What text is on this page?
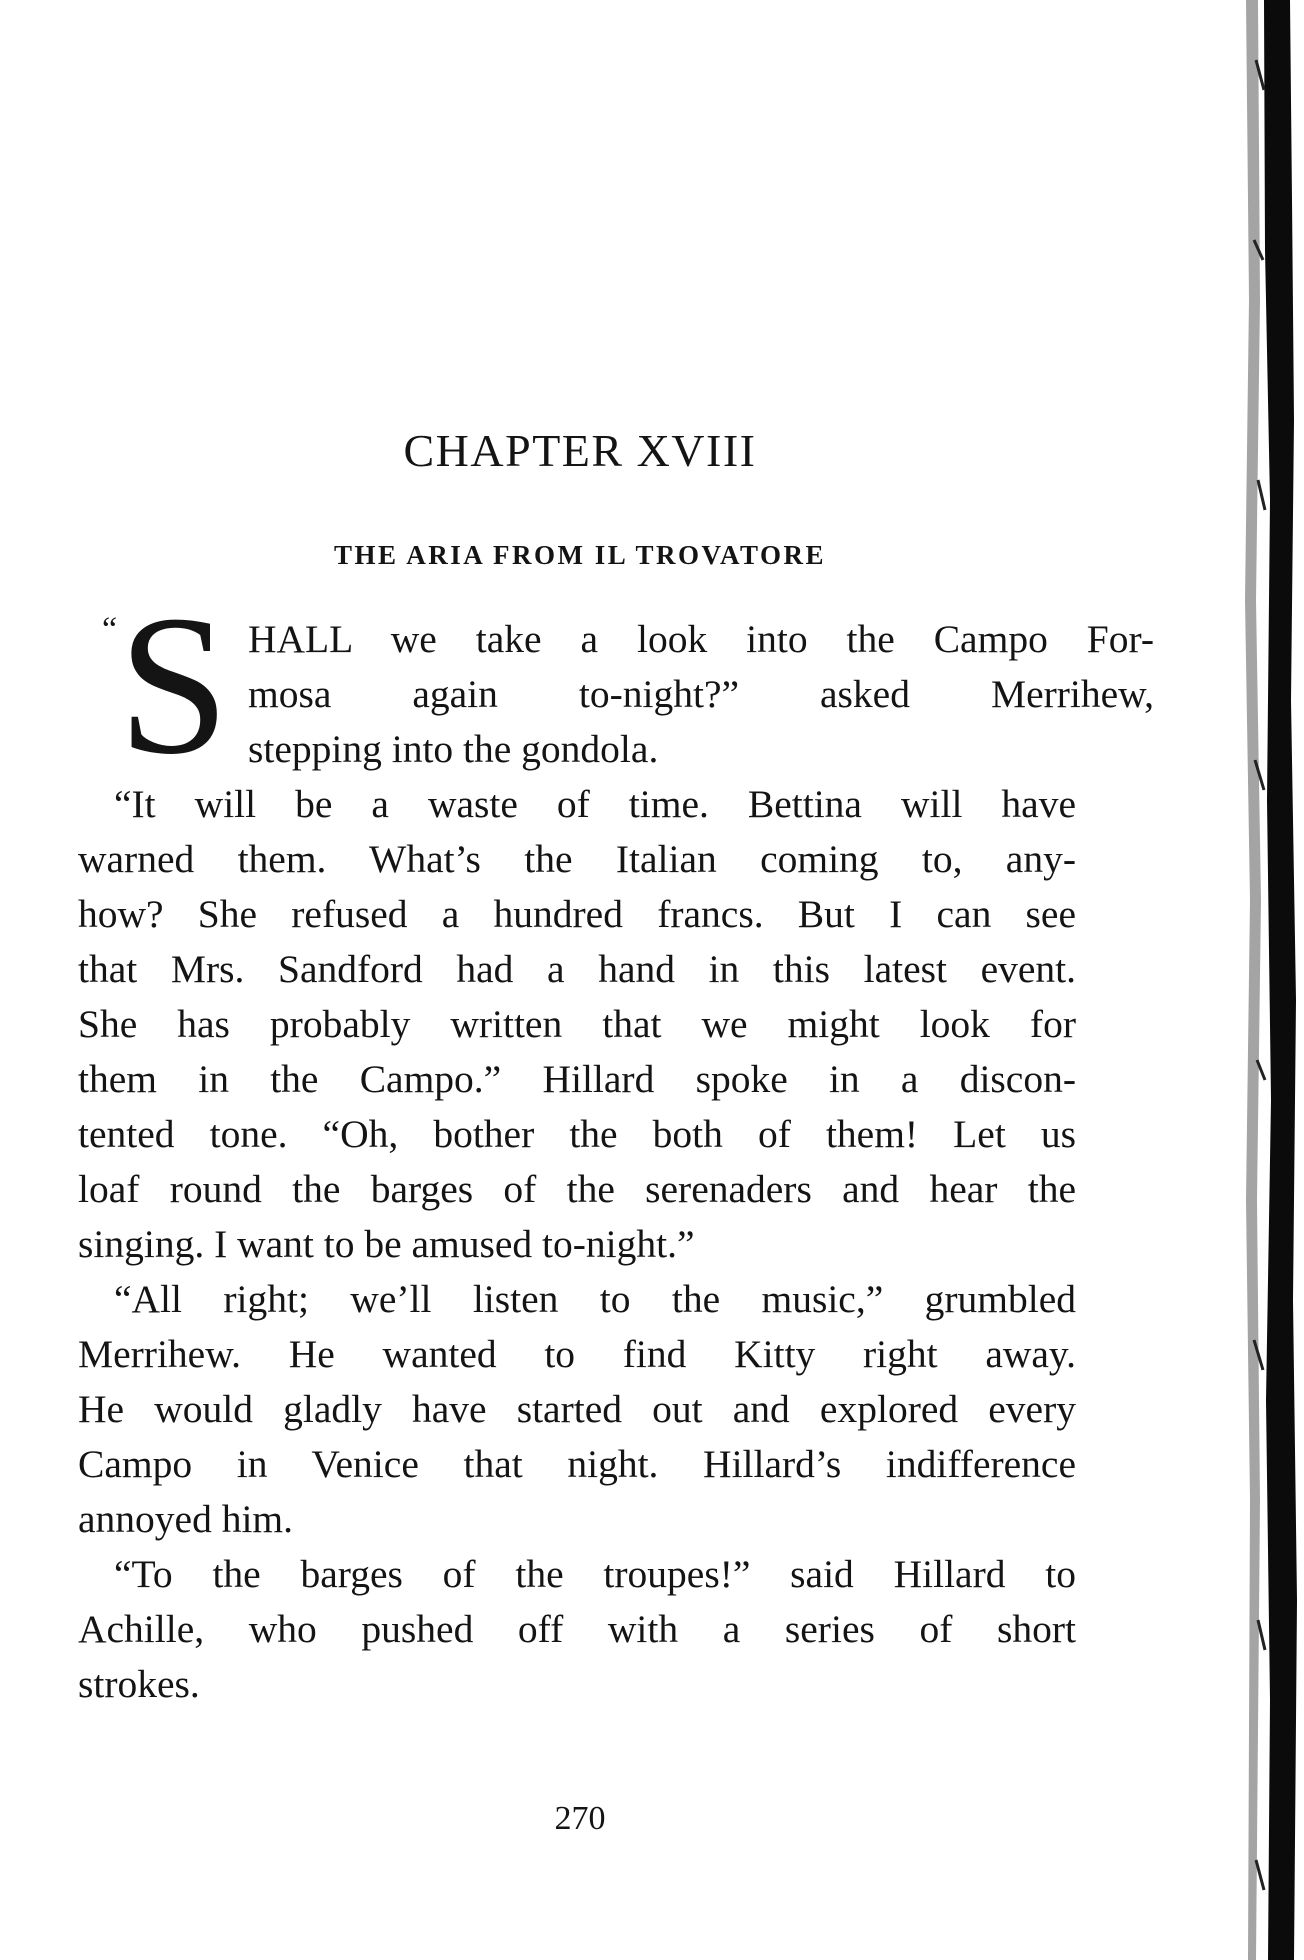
CHAPTER XVIII
THE ARIA FROM IL TROVATORE
“ S HALL we take a look into the Campo For-
mosa again to-night?” asked Merrihew,
stepping into the gondola.
“It will be a waste of time. Bettina will have
warned them. What’s the Italian coming to, any-
how? She refused a hundred francs. But I can see
that Mrs. Sandford had a hand in this latest event.
She has probably written that we might look for
them in the Campo.” Hillard spoke in a discon-
tented tone. “Oh, bother the both of them! Let us
loaf round the barges of the serenaders and hear the
singing. I want to be amused to-night.”
“All right; we’ll listen to the music,” grumbled
Merrihew. He wanted to find Kitty right away.
He would gladly have started out and explored every
Campo in Venice that night. Hillard’s indifference
annoyed him.
“To the barges of the troupes!” said Hillard to
Achille, who pushed off with a series of short
strokes.
270
